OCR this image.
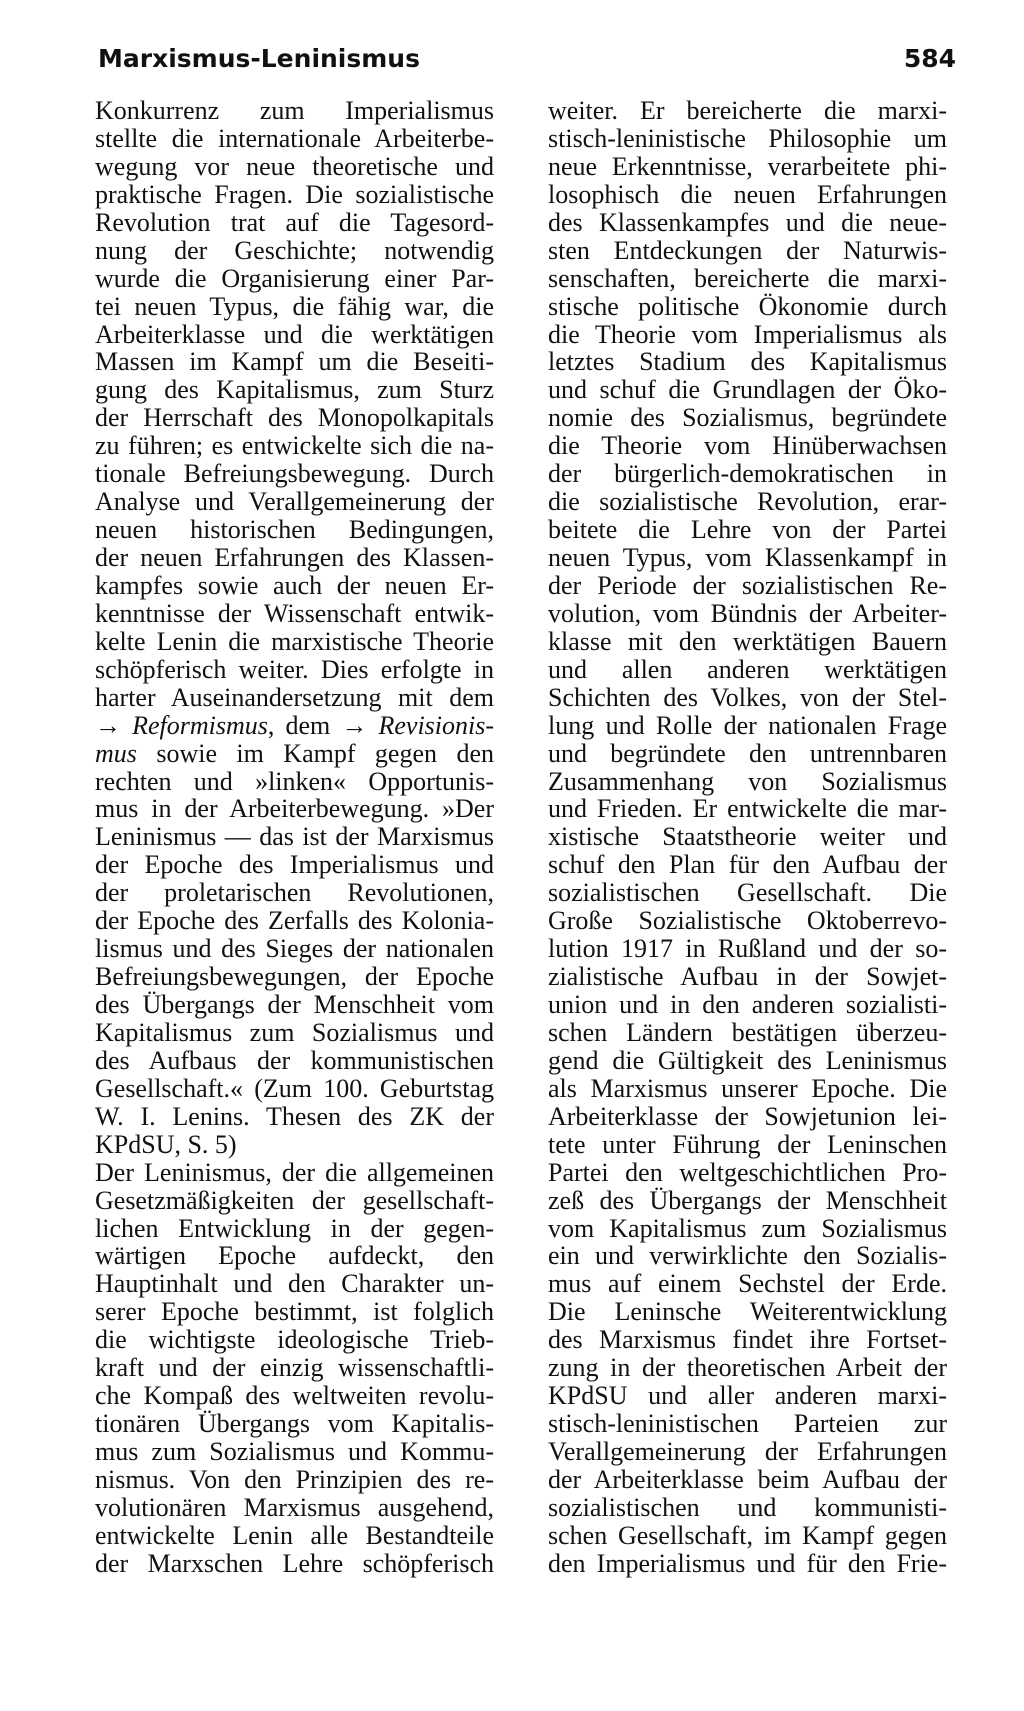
Marxismus-Leninismus	584
Konkurrenz zum Imperialismus
stellte die internationale Arbeiterbe-
wegung vor neue theoretische und
praktische Fragen. Die sozialistische
Revolution trat auf die Tagesord-
nung der Geschichte; notwendig
wurde die Organisierung einer Par-
tei neuen Typus, die fähig war, die
Arbeiterklasse und die werktätigen
Massen im Kampf um die Beseiti-
gung des Kapitalismus, zum Sturz
der Herrschaft des Monopolkapitals
zu führen; es entwickelte sich die na-
tionale Befreiungsbewegung. Durch
Analyse und Verallgemeinerung der
neuen historischen Bedingungen,
der neuen Erfahrungen des Klassen-
kampfes sowie auch der neuen Er-
kenntnisse der Wissenschaft entwik-
kelte Lenin die marxistische Theorie
schöpferisch weiter. Dies erfolgte in
harter Auseinandersetzung mit dem
→ Reformismus, dem → Revisionis-
mus sowie im Kampf gegen den
rechten und »linken« Opportunis-
mus in der Arbeiterbewegung. »Der
Leninismus — das ist der Marxismus
der Epoche des Imperialismus und
der proletarischen Revolutionen,
der Epoche des Zerfalls des Kolonia-
lismus und des Sieges der nationalen
Befreiungsbewegungen, der Epoche
des Übergangs der Menschheit vom
Kapitalismus zum Sozialismus und
des Aufbaus der kommunistischen
Gesellschaft.« (Zum 100. Geburtstag
W. I. Lenins. Thesen des ZK der
KPdSU, S. 5)
Der Leninismus, der die allgemeinen
Gesetzmäßigkeiten der gesellschaft-
lichen Entwicklung in der gegen-
wärtigen Epoche aufdeckt, den
Hauptinhalt und den Charakter un-
serer Epoche bestimmt, ist folglich
die wichtigste ideologische Trieb-
kraft und der einzig wissenschaftli-
che Kompaß des weltweiten revolu-
tionären Übergangs vom Kapitalis-
mus zum Sozialismus und Kommu-
nismus. Von den Prinzipien des re-
volutionären Marxismus ausgehend,
entwickelte Lenin alle Bestandteile
der Marxschen Lehre schöpferisch
weiter. Er bereicherte die marxi-
stisch-leninistische Philosophie um
neue Erkenntnisse, verarbeitete phi-
losophisch die neuen Erfahrungen
des Klassenkampfes und die neue-
sten Entdeckungen der Naturwis-
senschaften, bereicherte die marxi-
stische politische Ökonomie durch
die Theorie vom Imperialismus als
letztes Stadium des Kapitalismus
und schuf die Grundlagen der Öko-
nomie des Sozialismus, begründete
die Theorie vom Hinüberwachsen
der bürgerlich-demokratischen in
die sozialistische Revolution, erar-
beitete die Lehre von der Partei
neuen Typus, vom Klassenkampf in
der Periode der sozialistischen Re-
volution, vom Bündnis der Arbeiter-
klasse mit den werktätigen Bauern
und allen anderen werktätigen
Schichten des Volkes, von der Stel-
lung und Rolle der nationalen Frage
und begründete den untrennbaren
Zusammenhang von Sozialismus
und Frieden. Er entwickelte die mar-
xistische Staatstheorie weiter und
schuf den Plan für den Aufbau der
sozialistischen Gesellschaft. Die
Große Sozialistische Oktoberrevo-
lution 1917 in Rußland und der so-
zialistische Aufbau in der Sowjet-
union und in den anderen sozialisti-
schen Ländern bestätigen überzeu-
gend die Gültigkeit des Leninismus
als Marxismus unserer Epoche. Die
Arbeiterklasse der Sowjetunion lei-
tete unter Führung der Leninschen
Partei den weltgeschichtlichen Pro-
zeß des Übergangs der Menschheit
vom Kapitalismus zum Sozialismus
ein und verwirklichte den Sozialis-
mus auf einem Sechstel der Erde.
Die Leninsche Weiterentwicklung
des Marxismus findet ihre Fortset-
zung in der theoretischen Arbeit der
KPdSU und aller anderen marxi-
stisch-leninistischen Parteien zur
Verallgemeinerung der Erfahrungen
der Arbeiterklasse beim Aufbau der
sozialistischen und kommunisti-
schen Gesellschaft, im Kampf gegen
den Imperialismus und für den Frie-
